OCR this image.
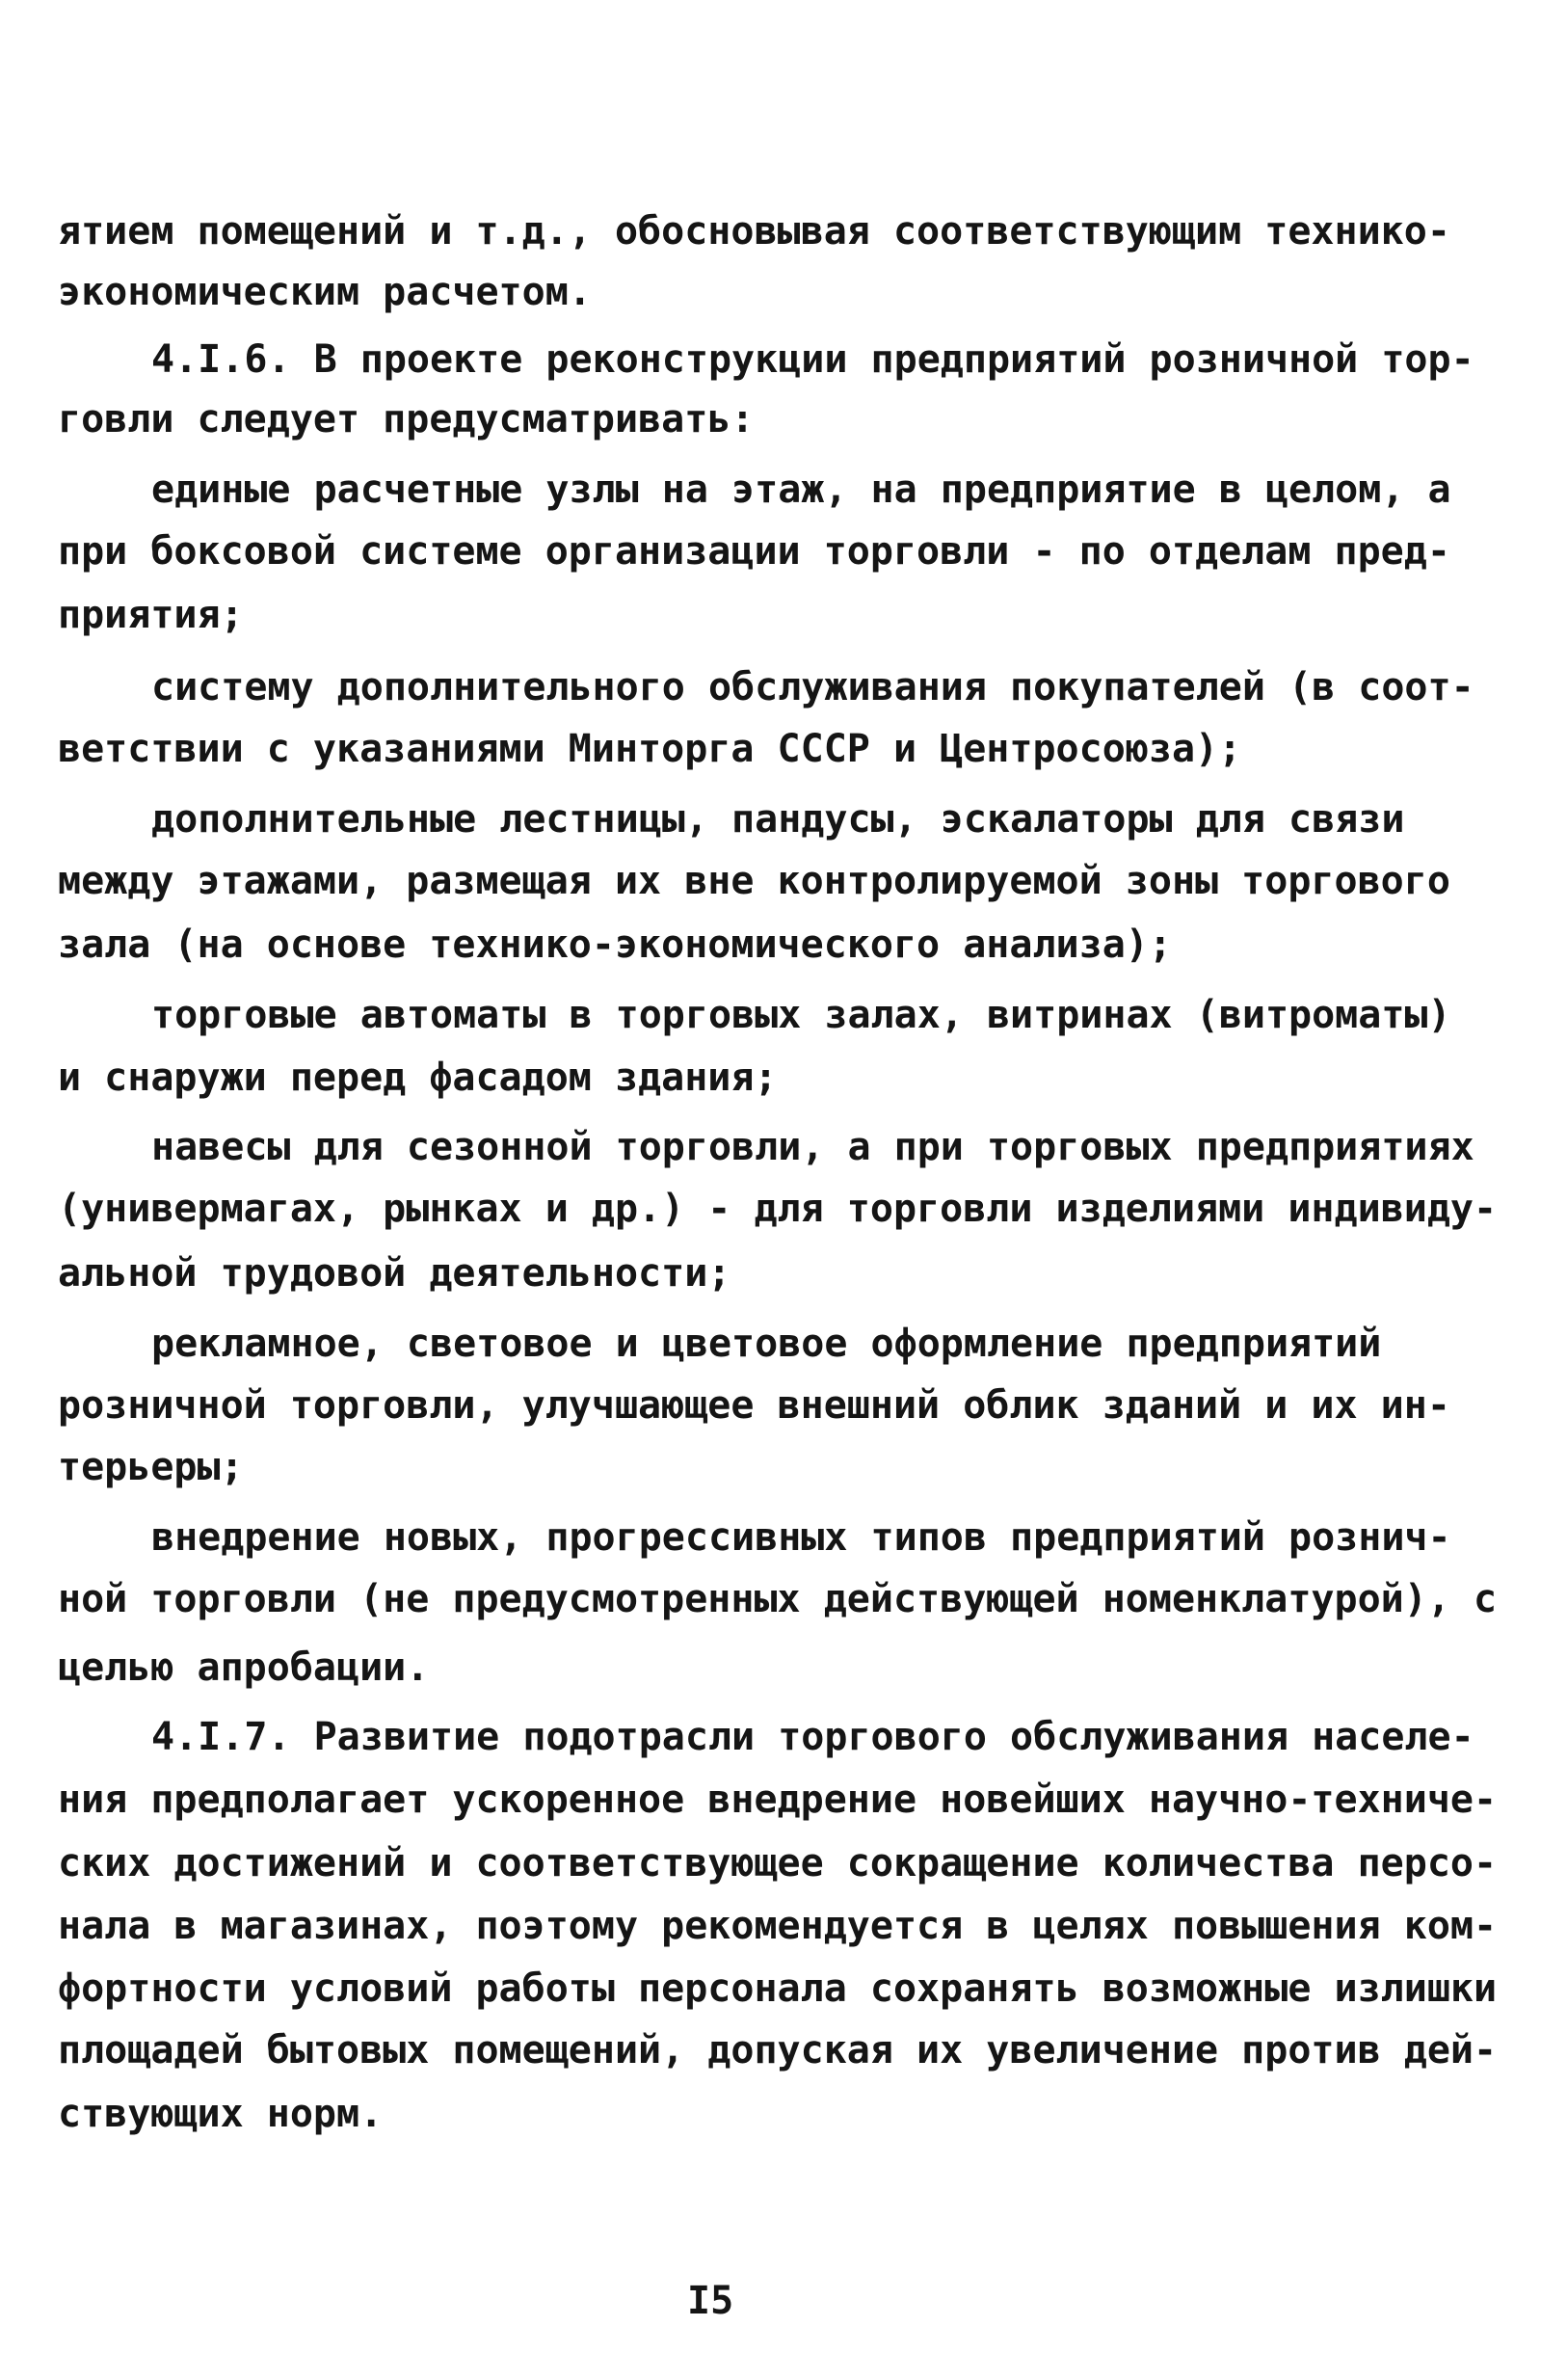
ятием помещений и т.д., обосновывая соответствующим технико-

экономическим расчетом.

4.I.6. В проекте реконструкции предприятий розничной тор-

говли следует предусматривать:

единые расчетные узлы на этаж, на предприятие в целом, а

при боксовой системе организации торговли - по отделам пред-

приятия;

систему дополнительного обслуживания покупателей (в соот-

ветствии с указаниями Минторга СССР и Центросоюза);

дополнительные лестницы, пандусы, эскалаторы для связи

между этажами, размещая их вне контролируемой зоны торгового

зала (на основе технико-экономического анализа);

торговые автоматы в торговых залах, витринах (витроматы)

и снаружи перед фасадом здания;

навесы для сезонной торговли, а при торговых предприятиях

(универмагах, рынках и др.) - для торговли изделиями индивиду-

альной трудовой деятельности;

рекламное, световое и цветовое оформление предприятий

розничной торговли, улучшающее внешний облик зданий и их ин-

терьеры;

внедрение новых, прогрессивных типов предприятий рознич-

ной торговли (не предусмотренных действующей номенклатурой), с

целью апробации.

4.I.7. Развитие подотрасли торгового обслуживания населе-

ния предполагает ускоренное внедрение новейших научно-техниче-

ских достижений и соответствующее сокращение количества персо-

нала в магазинах, поэтому рекомендуется в целях повышения ком-

фортности условий работы персонала сохранять возможные излишки

площадей бытовых помещений, допуская их увеличение против дей-

ствующих норм.

I5
